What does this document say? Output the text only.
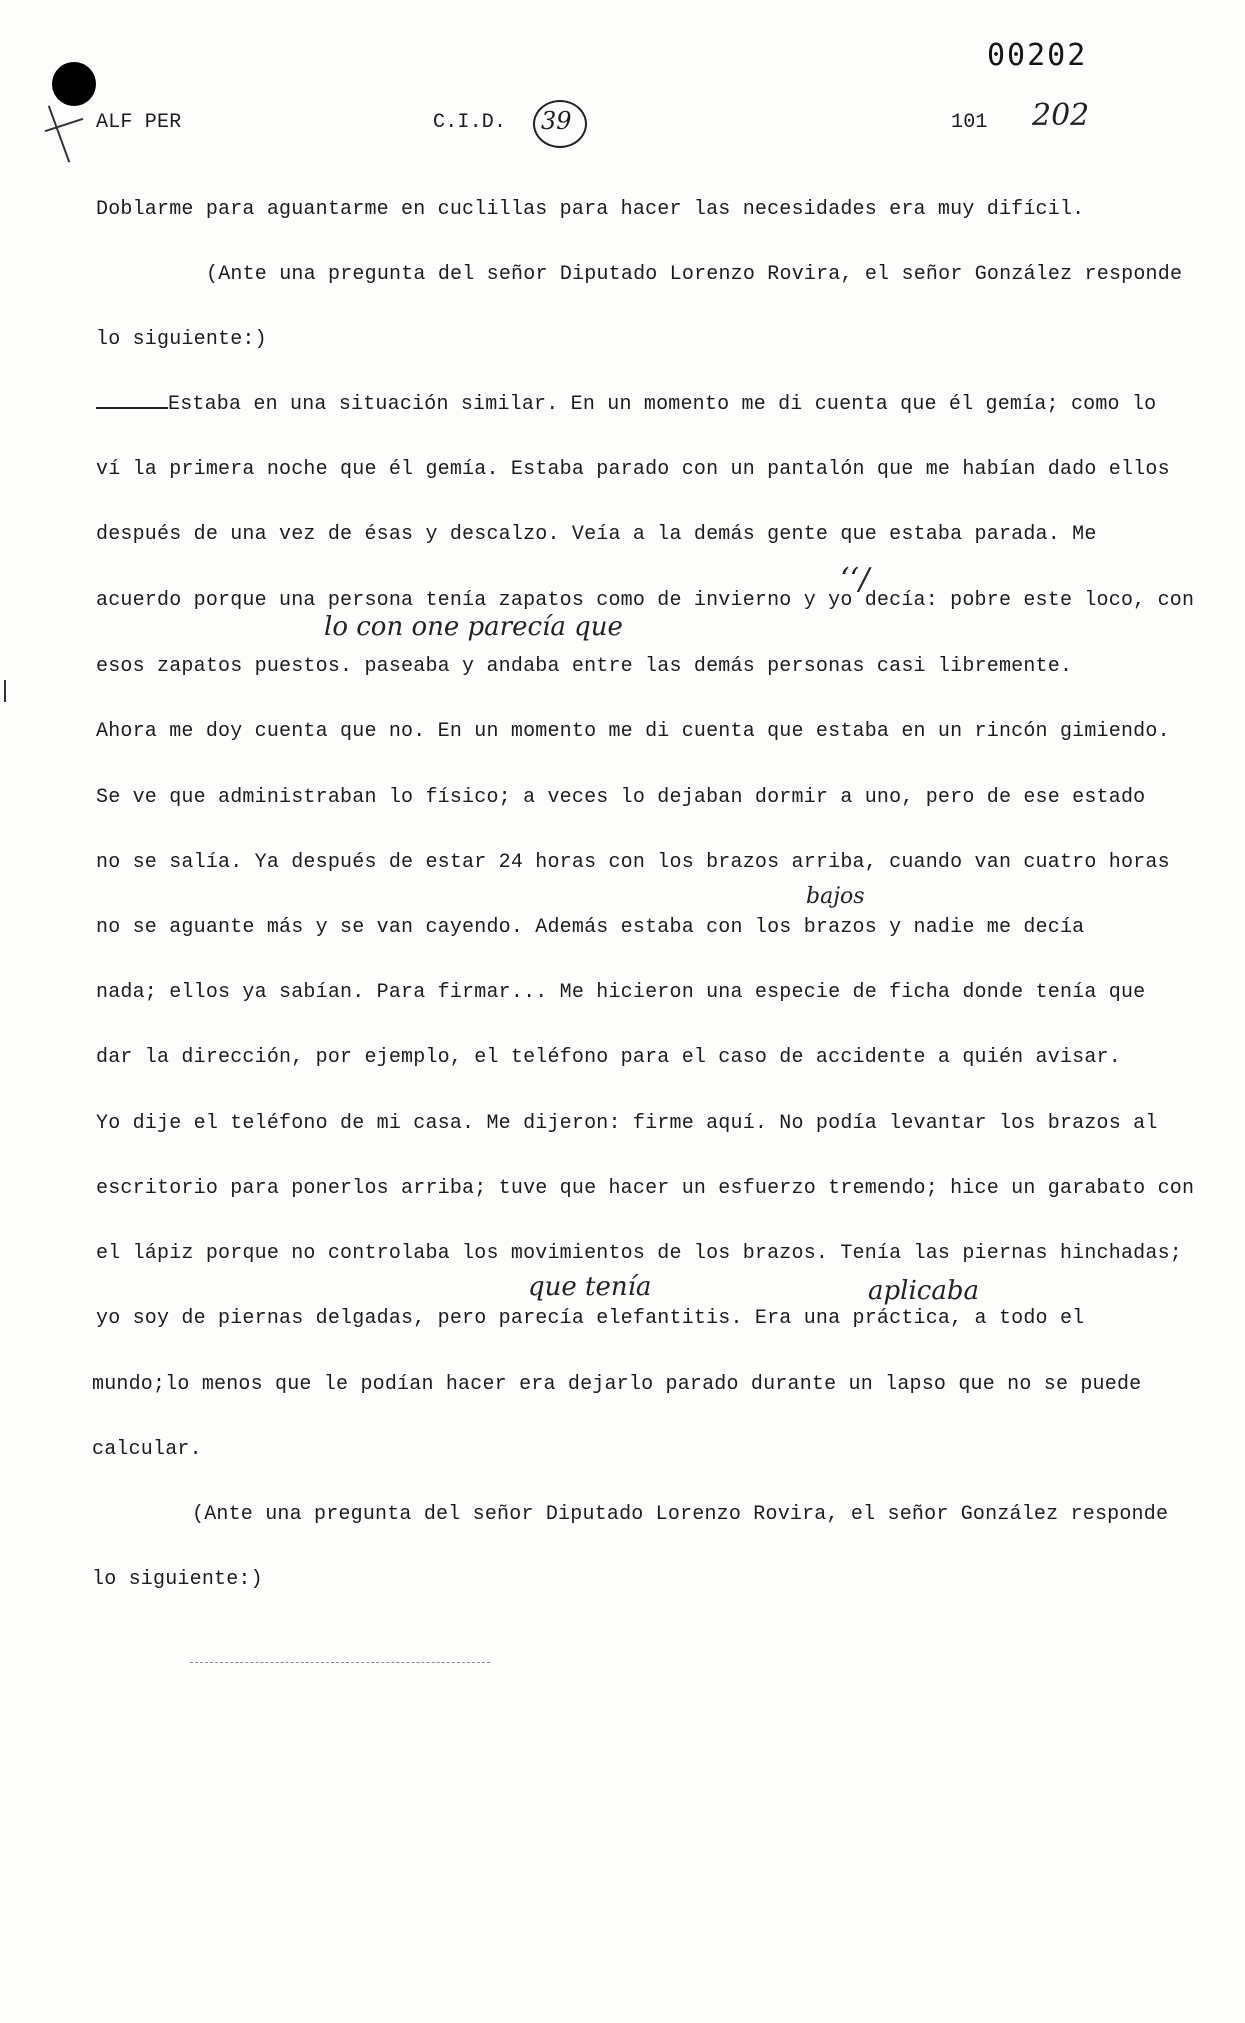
00202
ALF PER	C.I.D. 39	101 202
Doblarme para aguantarme en cuclillas para hacer las necesidades era muy difícil.
(Ante una pregunta del señor Diputado Lorenzo Rovira, el señor González responde
lo siguiente:)
Estaba en una situación similar. En un momento me di cuenta que él gemía; como lo
ví la primera noche que él gemía. Estaba parado con un pantalón que me habían dado ellos
después de una vez de ésas y descalzo. Veía a la demás gente que estaba parada. Me
ʻʻ/
acuerdo porque una persona tenía zapatos como de invierno y yo decía: pobre este loco, con
lo con one parecía que
esos zapatos puestos. paseaba y andaba entre las demás personas casi libremente.
Ahora me doy cuenta que no. En un momento me di cuenta que estaba en un rincón gimiendo.
Se ve que administraban lo físico; a veces lo dejaban dormir a uno, pero de ese estado
no se salía. Ya después de estar 24 horas con los brazos arriba, cuando van cuatro horas
bajos
no se aguante más y se van cayendo. Además estaba con los brazos y nadie me decía
nada; ellos ya sabían. Para firmar... Me hicieron una especie de ficha donde tenía que
dar la dirección, por ejemplo, el teléfono para el caso de accidente a quién avisar.
Yo dije el teléfono de mi casa. Me dijeron: firme aquí. No podía levantar los brazos al
escritorio para ponerlos arriba; tuve que hacer un esfuerzo tremendo; hice un garabato con
el lápiz porque no controlaba los movimientos de los brazos. Tenía las piernas hinchadas;
que tenía	aplicaba
yo soy de piernas delgadas, pero parecía elefantitis. Era una práctica, a todo el
mundo;lo menos que le podían hacer era dejarlo parado durante un lapso que no se puede
calcular.
(Ante una pregunta del señor Diputado Lorenzo Rovira, el señor González responde
lo siguiente:)
